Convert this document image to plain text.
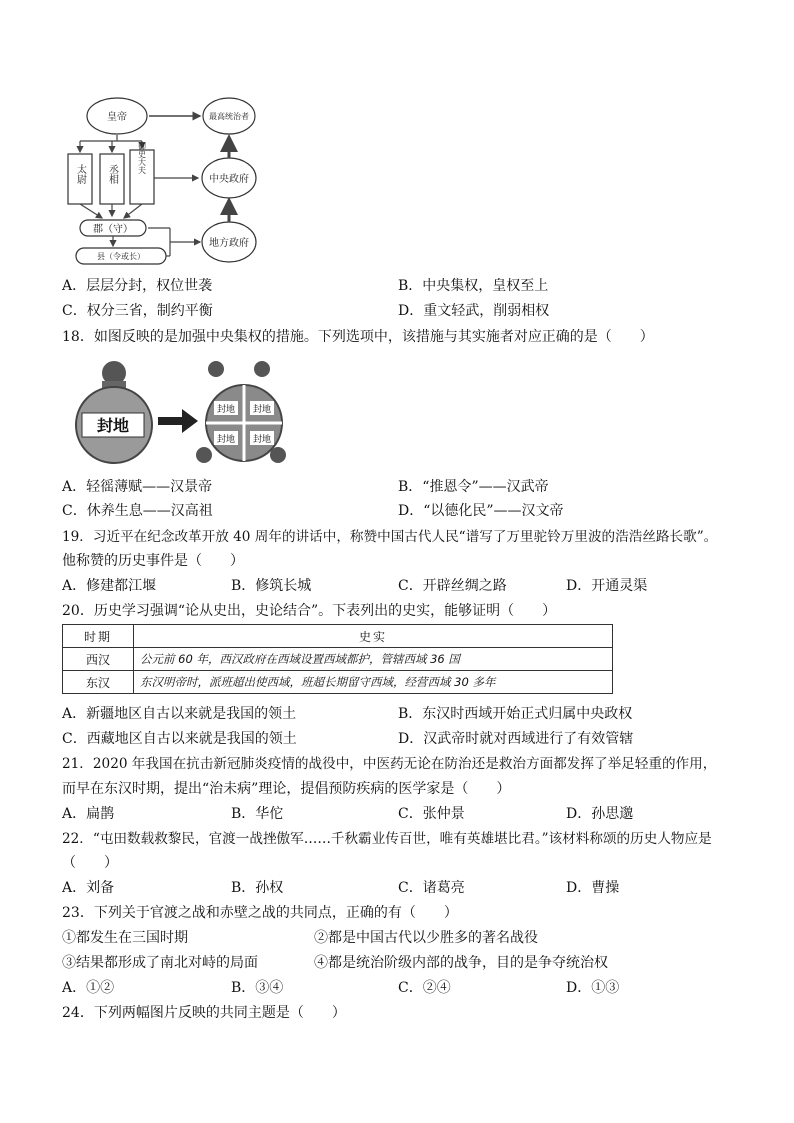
皇帝	最高统治者
太尉 丞相	御史大夫
中央政府
郡（守）
县（令或长）
地方政府
A．层层分封，权位世袭	B．中央集权，皇权至上
C．权分三省，制约平衡	D．重文轻武，削弱相权
18．如图反映的是加强中央集权的措施。下列选项中，该措施与其实施者对应正确的是（　　）
封地
封地 封地
封地 封地
A．轻徭薄赋——汉景帝	B．“推恩令”——汉武帝
C．休养生息——汉高祖	D．“以德化民”——汉文帝
19．习近平在纪念改革开放 40 周年的讲话中，称赞中国古代人民“谱写了万里驼铃万里波的浩浩丝路长歌”。
他称赞的历史事件是（　　）
A．修建都江堰	B．修筑长城	C．开辟丝绸之路	D．开通灵渠
20．历史学习强调“论从史出，史论结合”。下表列出的史实，能够证明（　　）
时期	史实
西汉	公元前 60 年，西汉政府在西域设置西域都护，管辖西域 36 国
东汉	东汉明帝时，派班超出使西域，班超长期留守西域，经营西域 30 多年
A．新疆地区自古以来就是我国的领土	B．东汉时西域开始正式归属中央政权
C．西藏地区自古以来就是我国的领土	D．汉武帝时就对西域进行了有效管辖
21．2020 年我国在抗击新冠肺炎疫情的战役中，中医药无论在防治还是救治方面都发挥了举足轻重的作用，
而早在东汉时期，提出“治未病”理论，提倡预防疾病的医学家是（　　）
A．扁鹊	B．华佗	C．张仲景	D．孙思邈
22．“屯田数载救黎民，官渡一战挫傲军……千秋霸业传百世，唯有英雄堪比君。”该材料称颂的历史人物应是
（　　）
A．刘备	B．孙权	C．诸葛亮	D．曹操
23．下列关于官渡之战和赤壁之战的共同点，正确的有（　　）
①都发生在三国时期	②都是中国古代以少胜多的著名战役
③结果都形成了南北对峙的局面	④都是统治阶级内部的战争，目的是争夺统治权
A．①②	B．③④	C．②④	D．①③
24．下列两幅图片反映的共同主题是（　　）
